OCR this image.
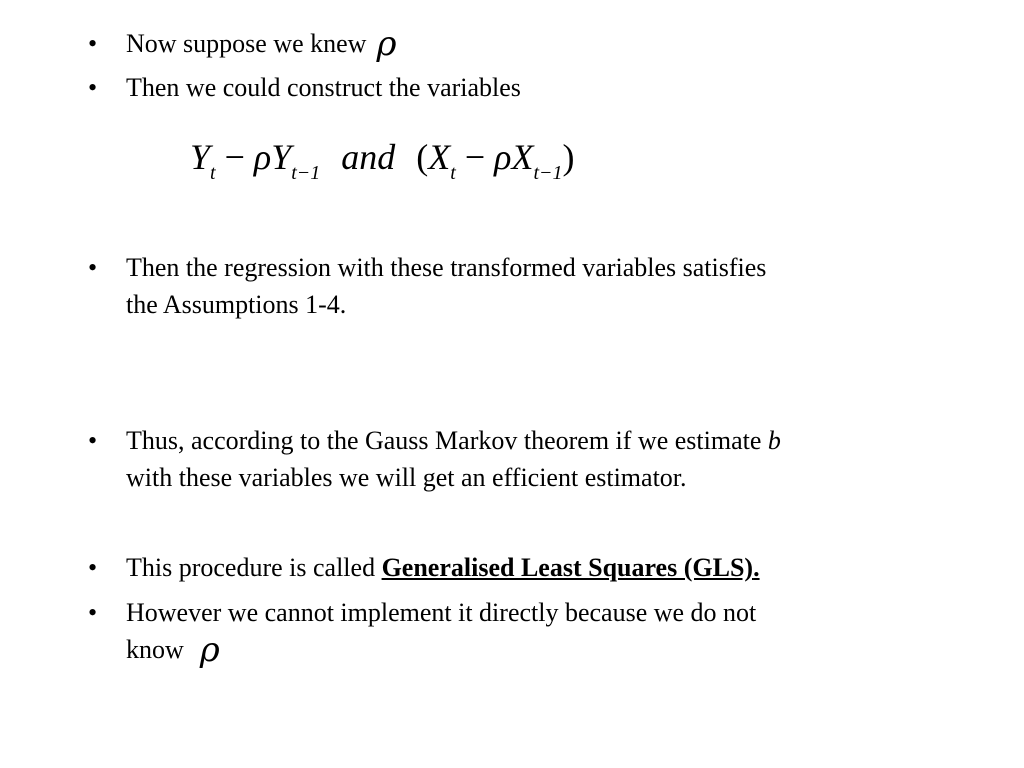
• Now suppose we knew ρ
• Then we could construct the variables
$Y_t - \rho Y_{t-1}$ and $(X_t - \rho X_{t-1})$
• Then the regression with these transformed variables satisfies
the Assumptions 1-4.
• Thus, according to the Gauss Markov theorem if we estimate b
with these variables we will get an efficient estimator.
• This procedure is called Generalised Least Squares (GLS).
• However we cannot implement it directly because we do not
know ρ
